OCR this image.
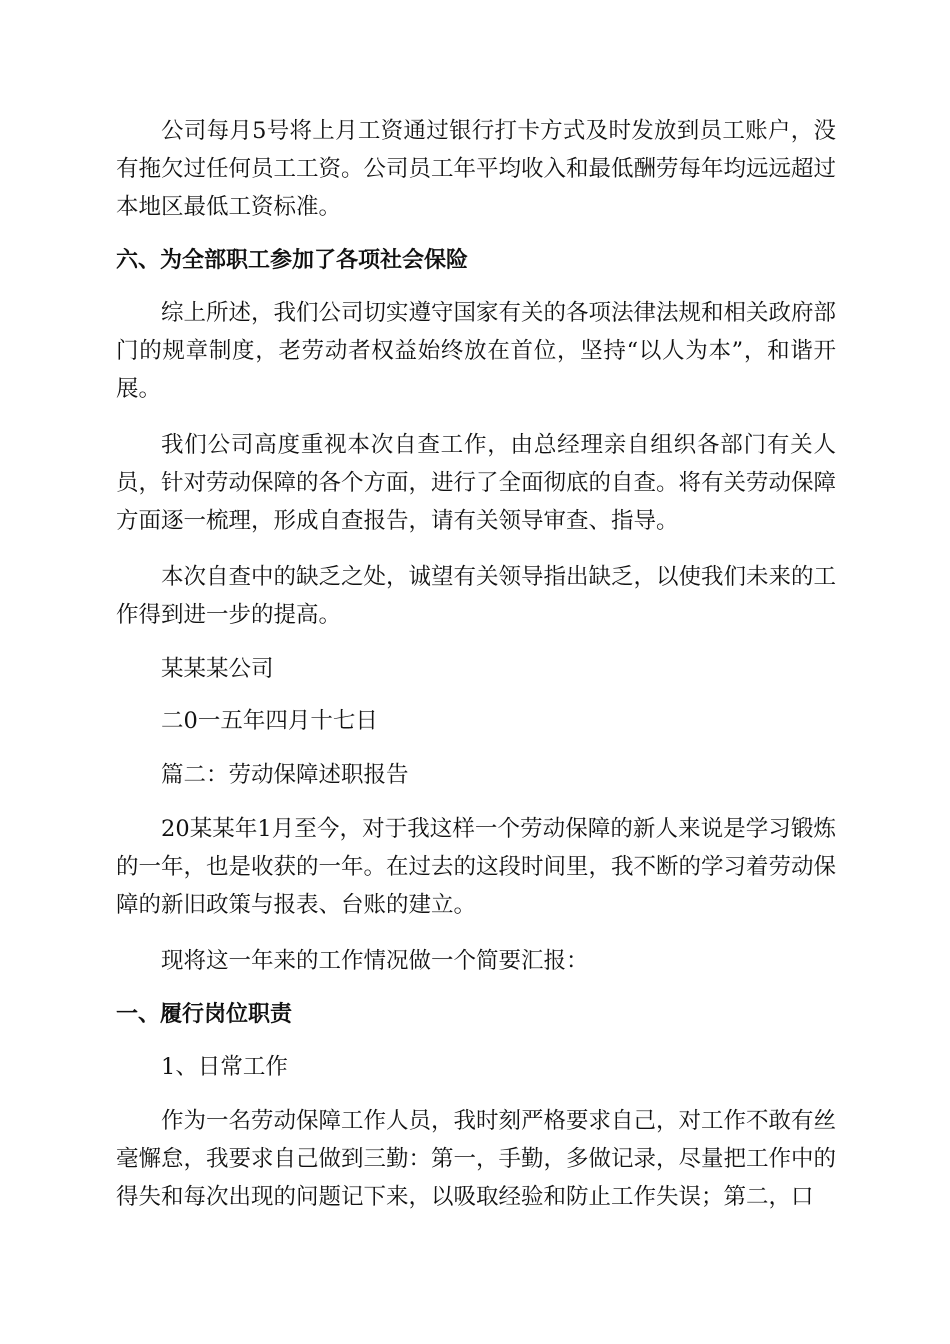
公司每月5号将上月工资通过银行打卡方式及时发放到员工账户，没有拖欠过任何员工工资。公司员工年平均收入和最低酬劳每年均远远超过本地区最低工资标准。

六、为全部职工参加了各项社会保险

综上所述，我们公司切实遵守国家有关的各项法律法规和相关政府部门的规章制度，老劳动者权益始终放在首位，坚持“以人为本”，和谐开展。

我们公司高度重视本次自查工作，由总经理亲自组织各部门有关人员，针对劳动保障的各个方面，进行了全面彻底的自查。将有关劳动保障方面逐一梳理，形成自查报告，请有关领导审查、指导。

本次自查中的缺乏之处，诚望有关领导指出缺乏，以使我们未来的工作得到进一步的提高。

某某某公司

二0一五年四月十七日

篇二：劳动保障述职报告

20某某年1月至今，对于我这样一个劳动保障的新人来说是学习锻炼的一年，也是收获的一年。在过去的这段时间里，我不断的学习着劳动保障的新旧政策与报表、台账的建立。

现将这一年来的工作情况做一个简要汇报：

一、履行岗位职责

1、日常工作

作为一名劳动保障工作人员，我时刻严格要求自己，对工作不敢有丝毫懈怠，我要求自己做到三勤：第一，手勤，多做记录，尽量把工作中的得失和每次出现的问题记下来，以吸取经验和防止工作失误；第二，口
